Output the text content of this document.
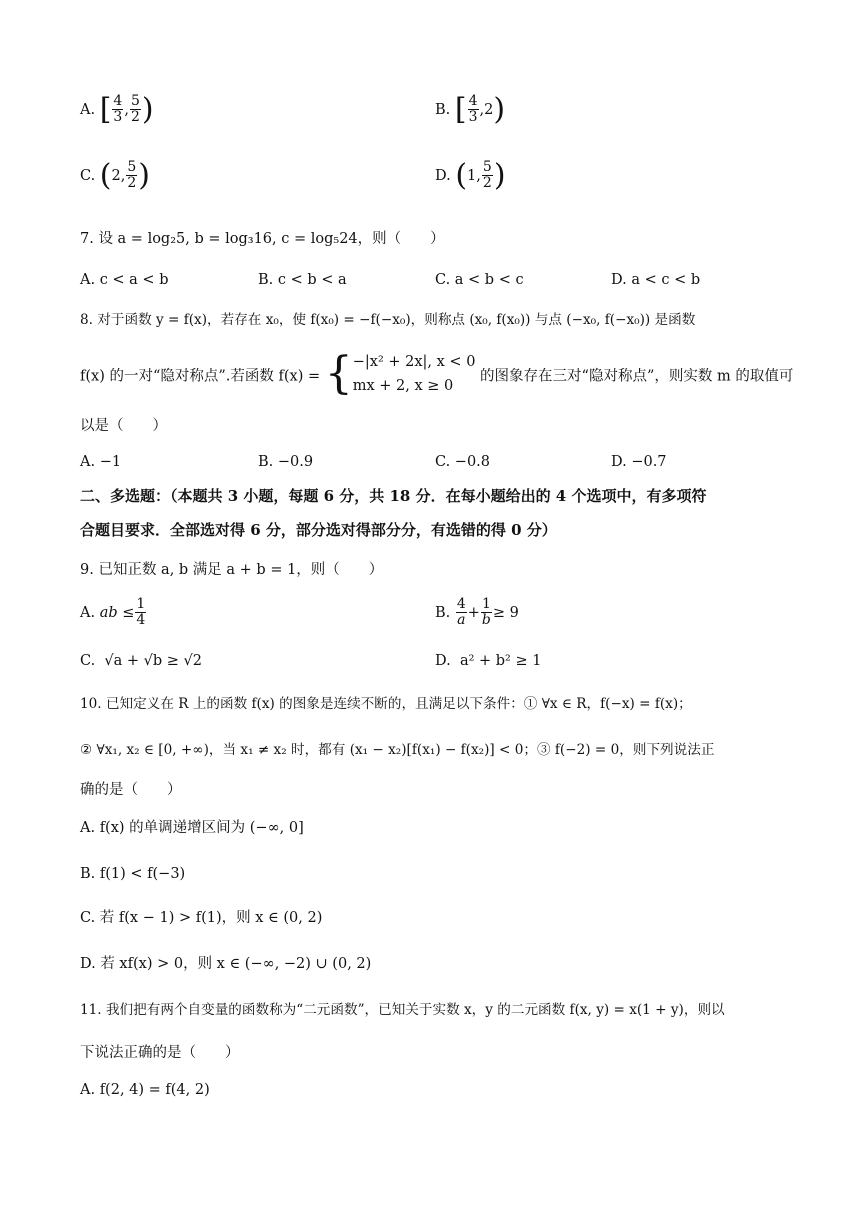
A. [ $\frac{4}{3}$ , $\frac{5}{2}$ )	B. [ $\frac{4}{3} ,2$)
C. (2, $\frac{5}{2}$ )	D. (1, $\frac{5}{2}$ )
7. 设 a = log₂5, b = log₃16, c = log₅24，则（　　）
A. c < a < b	B. c < b < a	C. a < b < c	D. a < c < b
8. 对于函数 y = f(x)，若存在 x₀，使 f(x₀) = −f(−x₀)，则称点 (x₀, f(x₀)) 与点 (−x₀, f(−x₀)) 是函数
f(x) 的一对“隐对称点”.若函数 f(x) = { −|x² + 2x|, x < 0
mx + 2, x ≥ 0
的图象存在三对“隐对称点”，则实数 m 的取值可
以是（　　）
A. −1	B. −0.9	C. −0.8	D. −0.7
二、多选题：（本题共 3 小题，每题 6 分，共 18 分．在每小题给出的 4 个选项中，有多项符
合题目要求．全部选对得 6 分，部分选对得部分分，有选错的得 0 分）
9. 已知正数 a, b 满足 a + b = 1，则（　　）
A. ab ≤ $\frac{1}{4}$	B. $\frac{4}{a} + \frac{1}{b} \ge 9$
C. √a + √b ≥ √2	D. a² + b² ≥ 1
10. 已知定义在 R 上的函数 f(x) 的图象是连续不断的，且满足以下条件：① ∀x ∈ R，f(−x) = f(x)；
② ∀x₁, x₂ ∈ [0, +∞)，当 x₁ ≠ x₂ 时，都有 (x₁ − x₂)[f(x₁) − f(x₂)] < 0；③ f(−2) = 0，则下列说法正
确的是（　　）
A. f(x) 的单调递增区间为 (−∞, 0]
B. f(1) < f(−3)
C. 若 f(x − 1) > f(1)，则 x ∈ (0, 2)
D. 若 xf(x) > 0，则 x ∈ (−∞, −2) ∪ (0, 2)
11. 我们把有两个自变量的函数称为“二元函数”，已知关于实数 x，y 的二元函数 f(x, y) = x(1 + y)，则以
下说法正确的是（　　）
A. f(2, 4) = f(4, 2)
